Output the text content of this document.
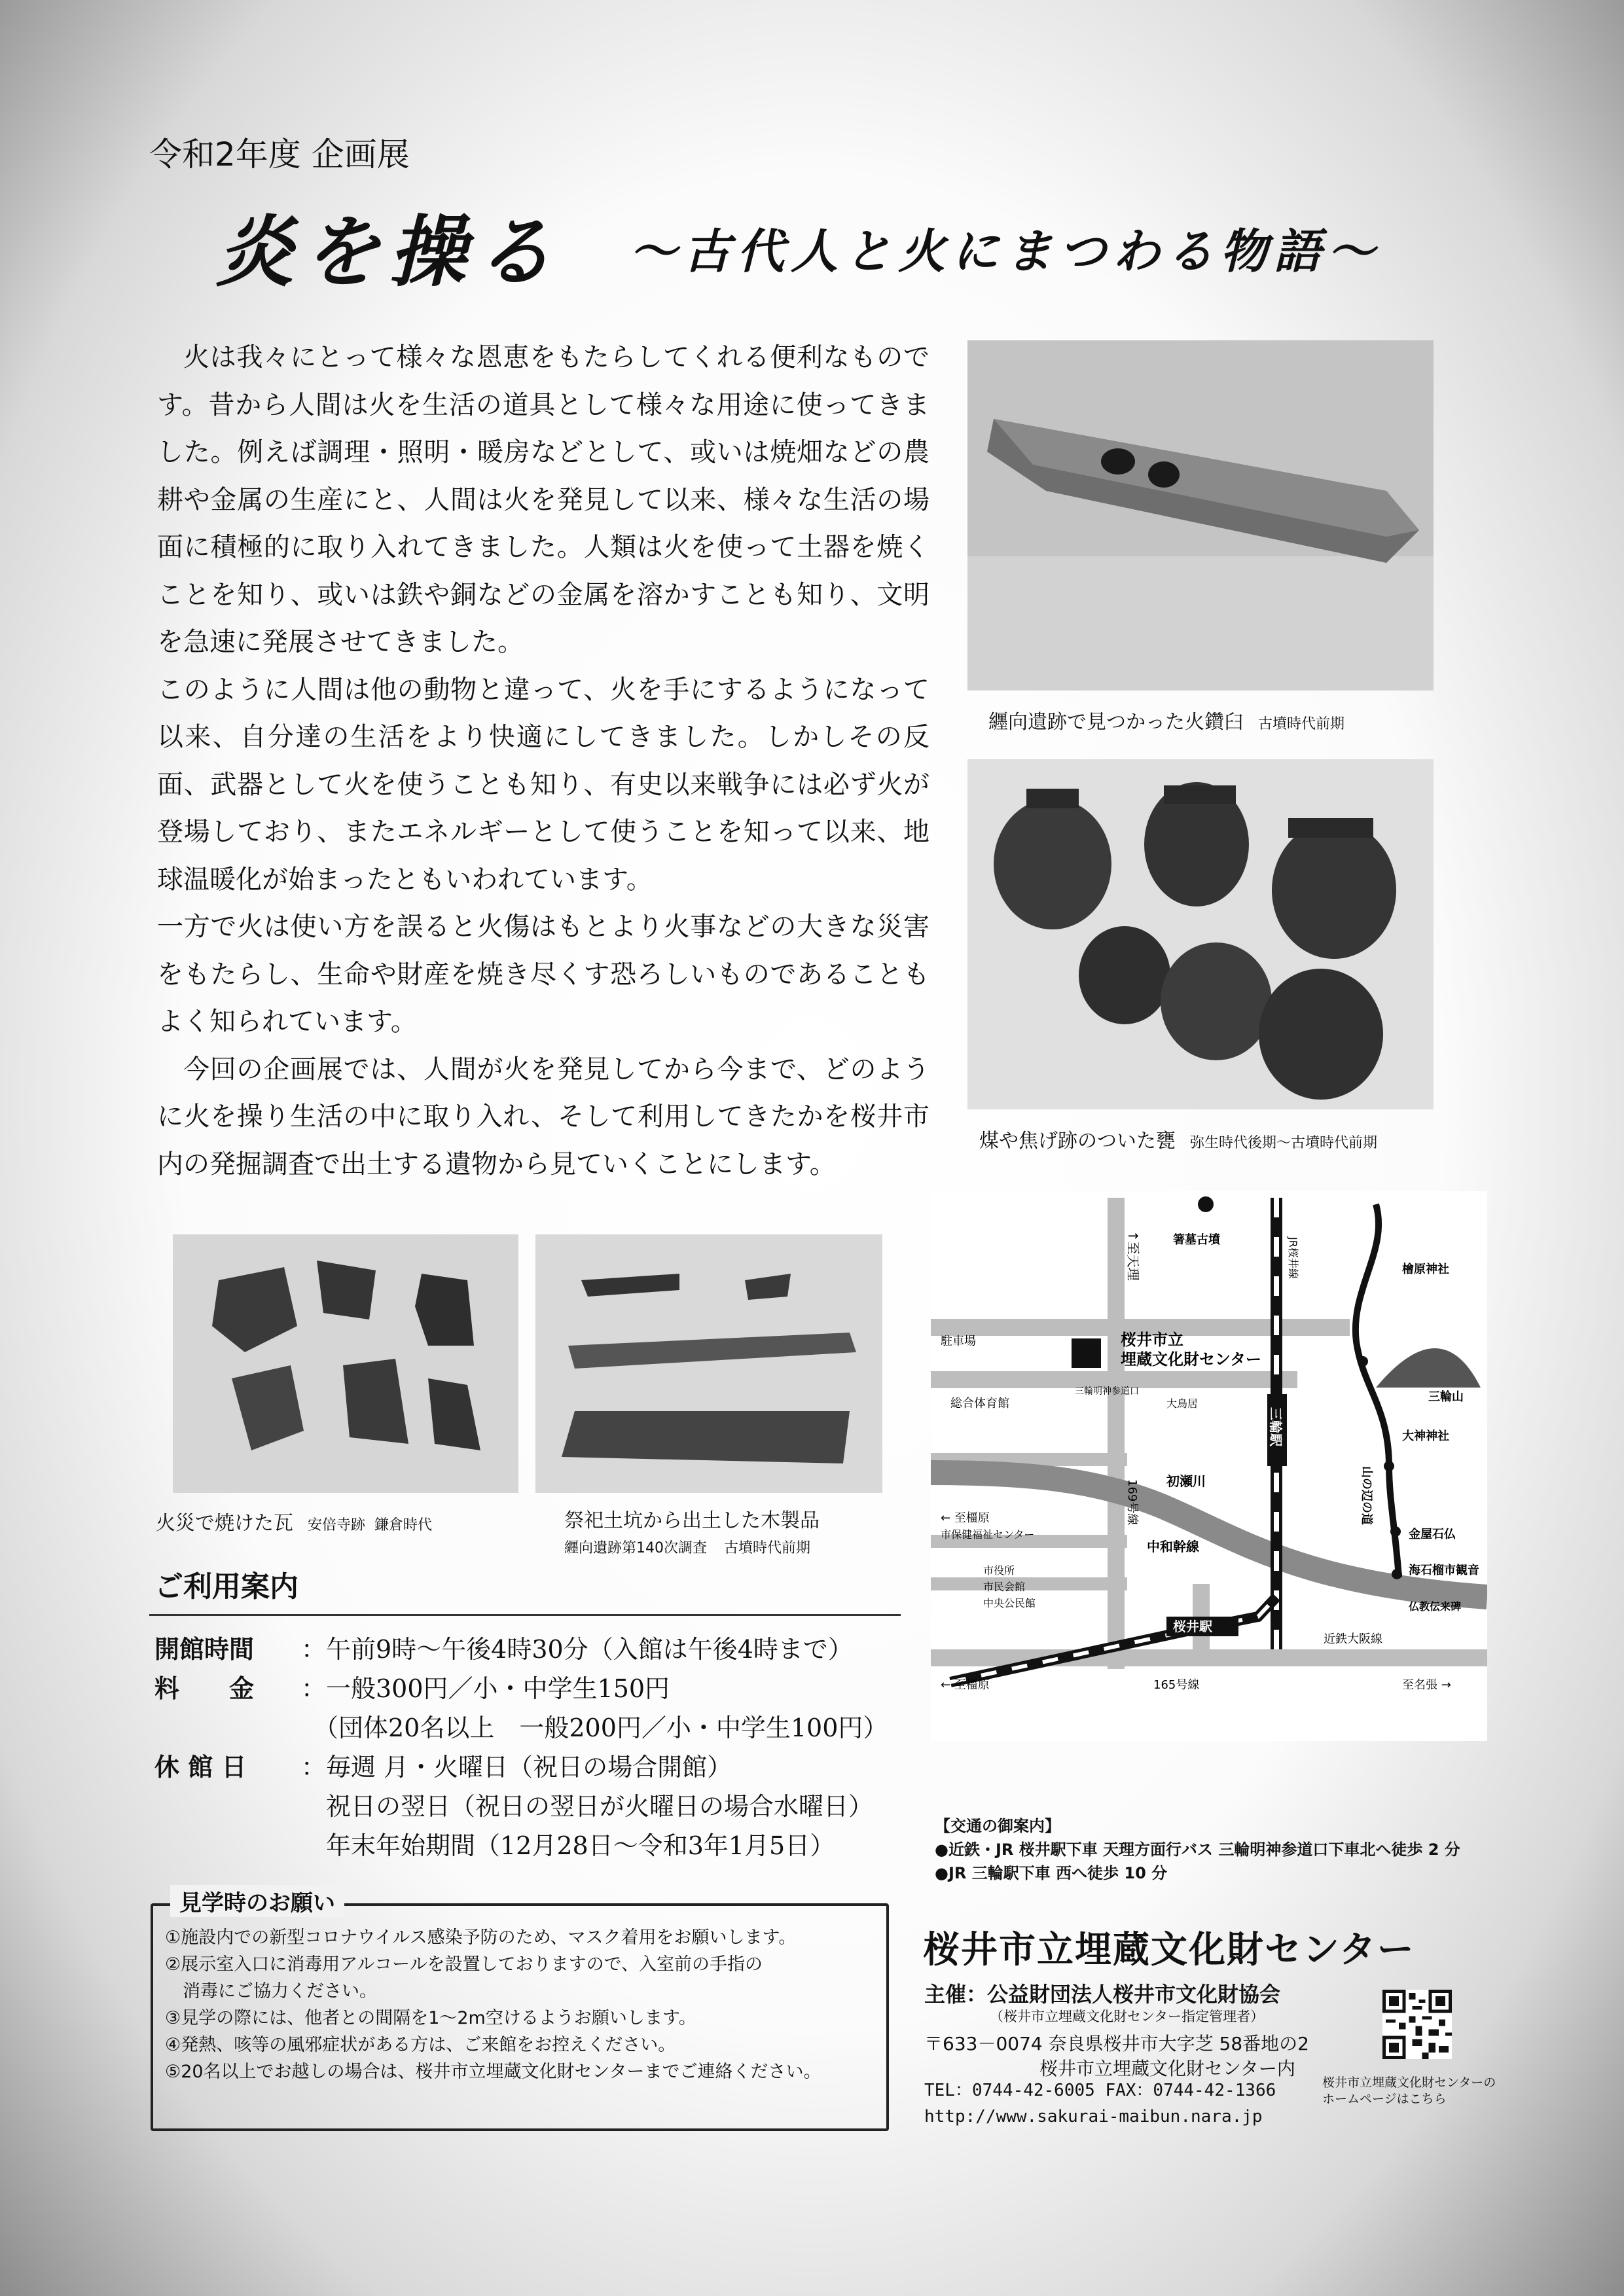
令和2年度 企画展
炎を操る ～古代人と火にまつわる物語～

火は我々にとって様々な恩恵をもたらしてくれる便利なものです。昔から人間は火を生活の道具として様々な用途に使ってきました。例えば調理・照明・暖房などとして、或いは焼畑などの農耕や金属の生産にと、人間は火を発見して以来、様々な生活の場面に積極的に取り入れてきました。人類は火を使って土器を焼くことを知り、或いは鉄や銅などの金属を溶かすことも知り、文明を急速に発展させてきました。

このように人間は他の動物と違って、火を手にするようになって以来、自分達の生活をより快適にしてきました。しかしその反面、武器として火を使うことも知り、有史以来戦争には必ず火が登場しており、またエネルギーとして使うことを知って以来、地球温暖化が始まったともいわれています。

一方で火は使い方を誤ると火傷はもとより火事などの大きな災害をもたらし、生命や財産を焼き尽くす恐ろしいものであることもよく知られています。

今回の企画展では、人間が火を発見してから今まで、どのように火を操り生活の中に取り入れ、そして利用してきたかを桜井市内の発掘調査で出土する遺物から見ていくことにします。

纒向遺跡で見つかった火鑽臼 古墳時代前期
煤や焦げ跡のついた甕 弥生時代後期～古墳時代前期
火災で焼けた瓦 安倍寺跡 鎌倉時代	祭祀土坑から出土した木製品
纒向遺跡第140次調査 古墳時代前期
ご利用案内
開館時間	：午前9時～午後4時30分（入館は午後4時まで）
料　　金	：一般300円／小・中学生150円
　（団体20名以上　一般200円／小・中学生100円）
休 館 日	：毎週 月・火曜日（祝日の場合開館）
　祝日の翌日（祝日の翌日が火曜日の場合水曜日）
　年末年始期間（12月28日～令和3年1月5日）
見学時のお願い
①施設内での新型コロナウイルス感染予防のため、マスク着用をお願いします。
②展示室入口に消毒用アルコールを設置しておりますので、入室前の手指の
　消毒にご協力ください。
③見学の際には、他者との間隔を1～2m空けるようお願いします。
④発熱、咳等の風邪症状がある方は、ご来館をお控えください。
⑤20名以上でお越しの場合は、桜井市立埋蔵文化財センターまでご連絡ください。
↑至天理	箸墓古墳	JR桜井線	檜原神社
駐車場	桜井市立
埋蔵文化財センター
三輪山
総合体育館
三輪明神参道口
大鳥居
大神神社
三輪駅
169号線 初瀬川	山の辺の道
金屋石仏
← 至橿原
市保健福祉センター
中和幹線
海石榴市観音
仏教伝来碑
市役所
市民会館
中央公民館
近鉄大阪線
桜井駅
← 至橿原	165号線	至名張 →
【交通の御案内】
●近鉄・JR 桜井駅下車 天理方面行バス 三輪明神参道口下車北へ徒歩 2 分
●JR 三輪駅下車 西へ徒歩 10 分
桜井市立埋蔵文化財センター
主催：公益財団法人桜井市文化財協会
（桜井市立埋蔵文化財センター指定管理者）
〒633－0074 奈良県桜井市大字芝 58番地の2
桜井市立埋蔵文化財センター内
TEL：0744-42-6005 FAX：0744-42-1366
http://www.sakurai-maibun.nara.jp
桜井市立埋蔵文化財センターの
ホームページはこちら
